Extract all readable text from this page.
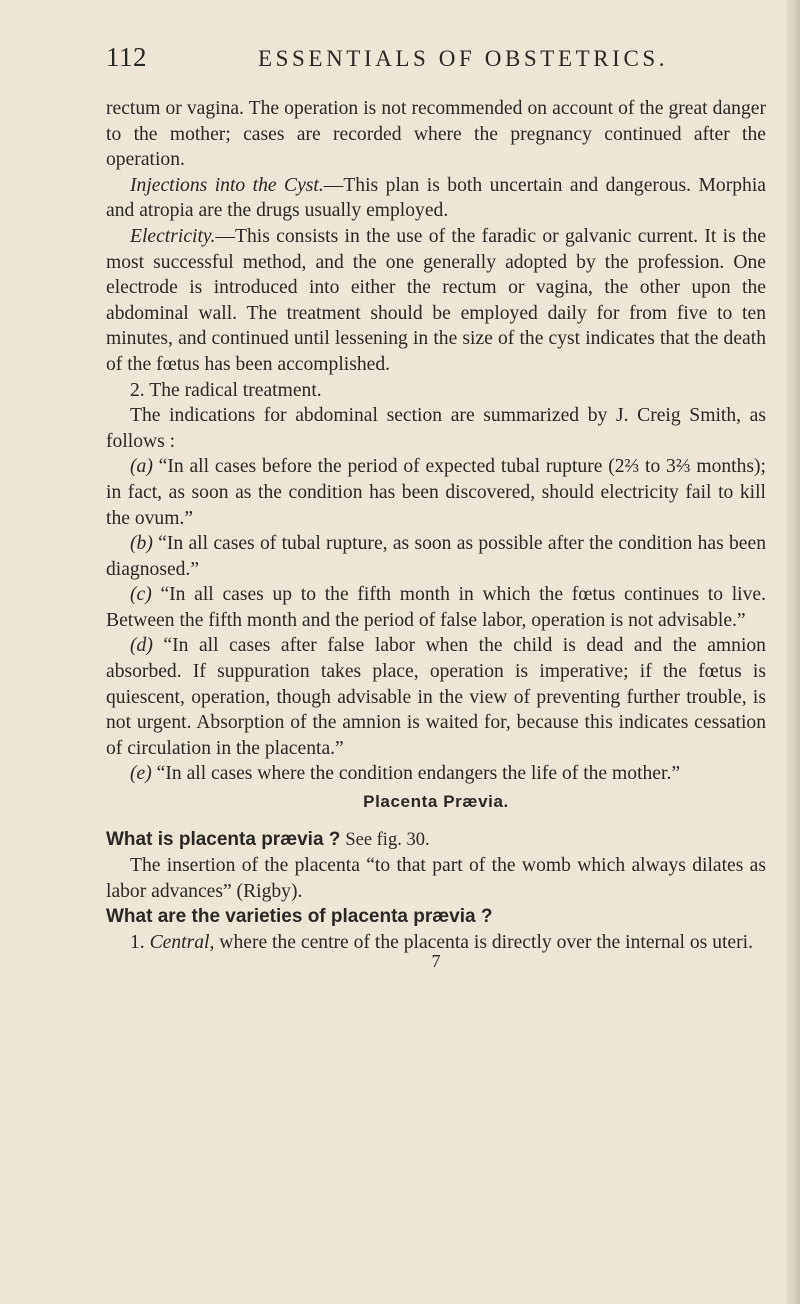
112	ESSENTIALS OF OBSTETRICS.

rectum or vagina. The operation is not recommended on account of the great danger to the mother; cases are recorded where the pregnancy continued after the operation.

Injections into the Cyst.—This plan is both uncertain and dangerous. Morphia and atropia are the drugs usually employed.

Electricity.—This consists in the use of the faradic or galvanic current. It is the most successful method, and the one generally adopted by the profession. One electrode is introduced into either the rectum or vagina, the other upon the abdominal wall. The treatment should be employed daily for from five to ten minutes, and continued until lessening in the size of the cyst indicates that the death of the fœtus has been accomplished.

2. The radical treatment.

The indications for abdominal section are summarized by J. Creig Smith, as follows :

(a) “In all cases before the period of expected tubal rupture (2⅔ to 3⅔ months); in fact, as soon as the condition has been discovered, should electricity fail to kill the ovum.”

(b) “In all cases of tubal rupture, as soon as possible after the condition has been diagnosed.”

(c) “In all cases up to the fifth month in which the fœtus continues to live. Between the fifth month and the period of false labor, operation is not advisable.”

(d) “In all cases after false labor when the child is dead and the amnion absorbed. If suppuration takes place, operation is imperative; if the fœtus is quiescent, operation, though advisable in the view of preventing further trouble, is not urgent. Absorption of the amnion is waited for, because this indicates cessation of circulation in the placenta.”

(e) “In all cases where the condition endangers the life of the mother.”

Placenta Prævia.

What is placenta prævia ? See fig. 30.

The insertion of the placenta “to that part of the womb which always dilates as labor advances” (Rigby).

What are the varieties of placenta prævia ?

1. Central, where the centre of the placenta is directly over the internal os uteri.

7
